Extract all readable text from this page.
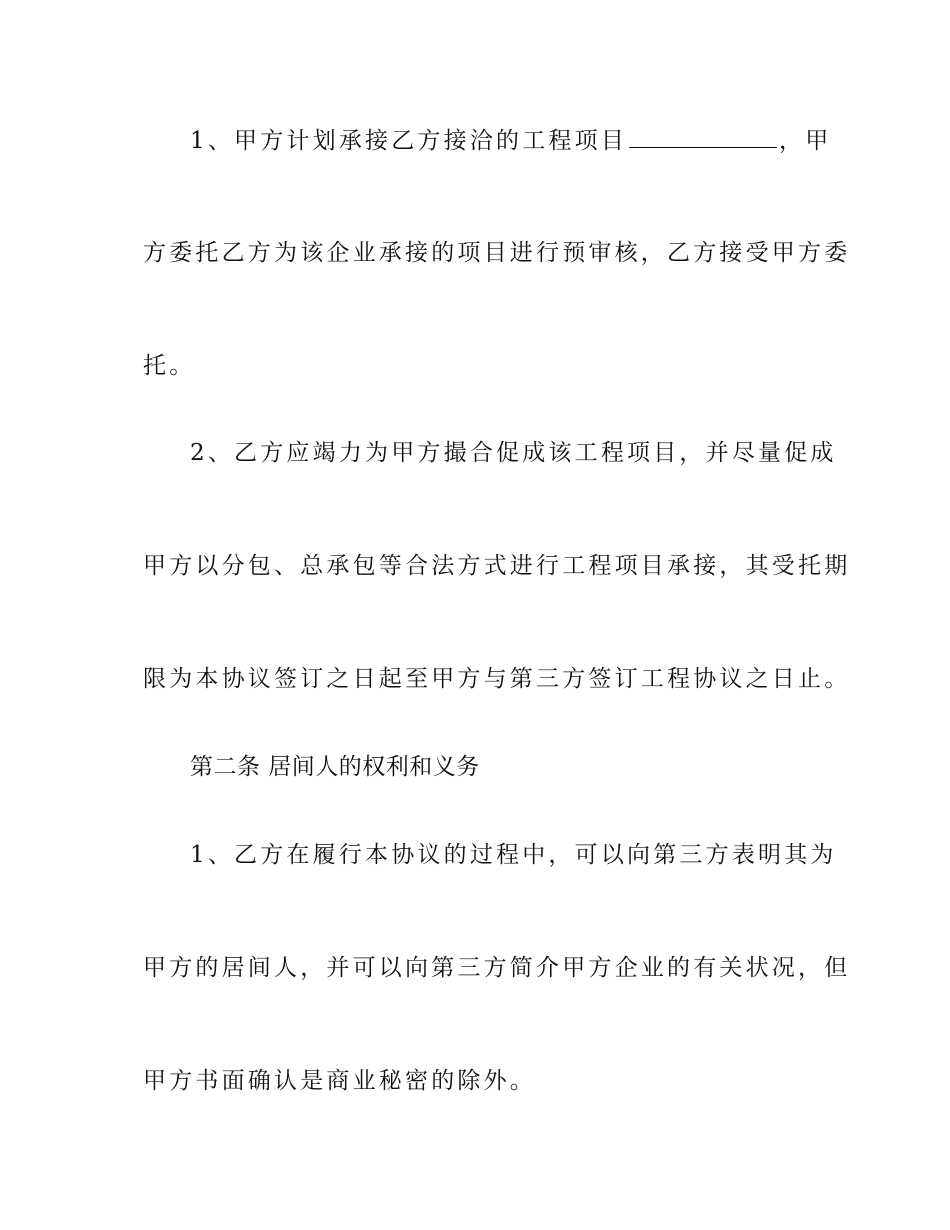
1、甲方计划承接乙方接洽的工程项目	，甲
方委托乙方为该企业承接的项目进行预审核，乙方接受甲方委
托。
2、乙方应竭力为甲方撮合促成该工程项目，并尽量促成
甲方以分包、总承包等合法方式进行工程项目承接，其受托期
限为本协议签订之日起至甲方与第三方签订工程协议之日止。
第二条 居间人的权利和义务
1、乙方在履行本协议的过程中，可以向第三方表明其为
甲方的居间人，并可以向第三方简介甲方企业的有关状况，但
甲方书面确认是商业秘密的除外。
